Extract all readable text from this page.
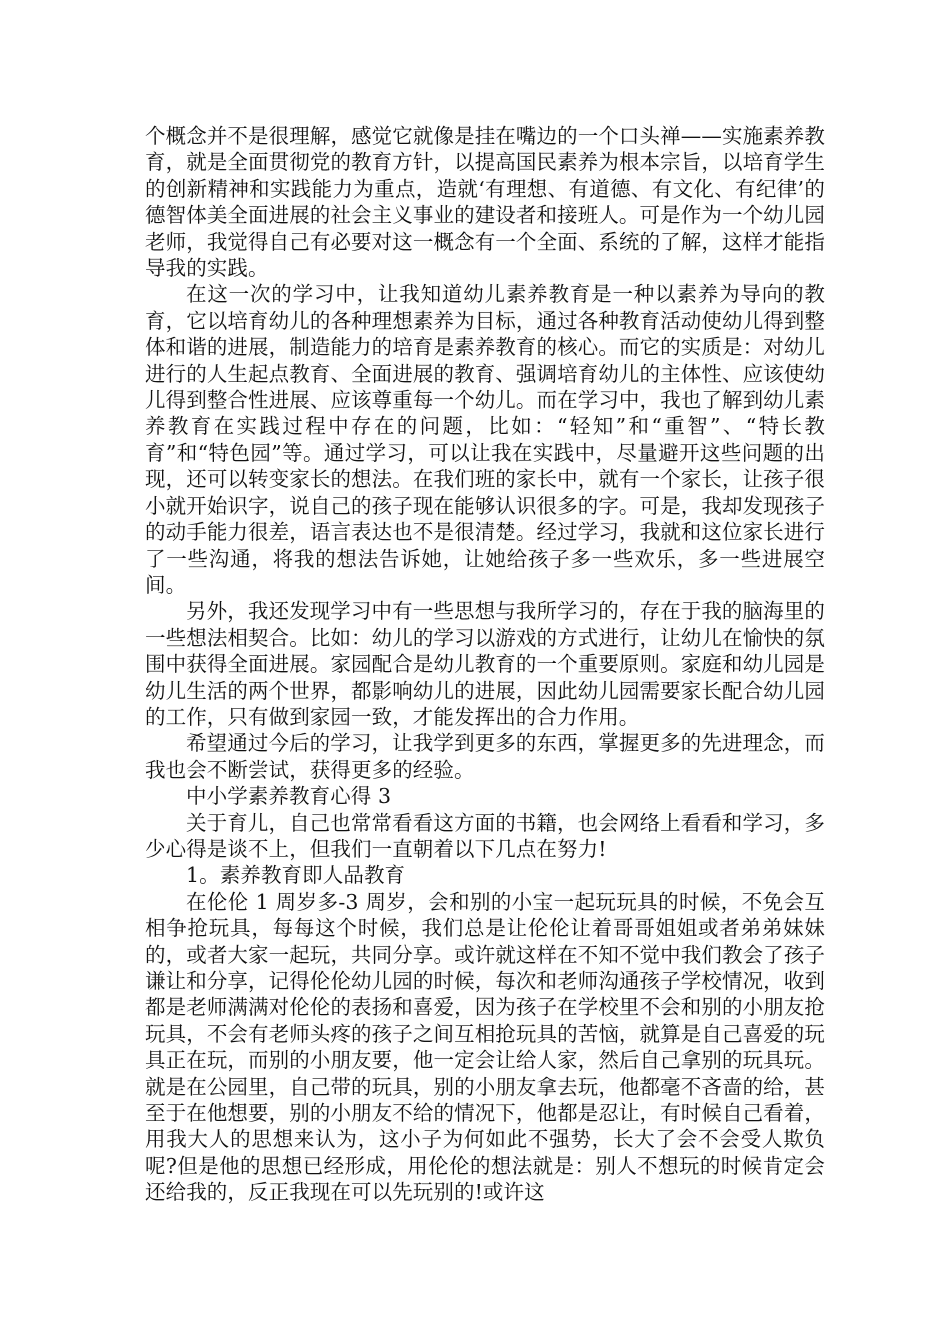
个概念并不是很理解，感觉它就像是挂在嘴边的一个口头禅——实施素养教育，就是全面贯彻党的教育方针，以提高国民素养为根本宗旨，以培育学生的创新精神和实践能力为重点，造就‘有理想、有道德、有文化、有纪律’的德智体美全面进展的社会主义事业的建设者和接班人。可是作为一个幼儿园老师，我觉得自己有必要对这一概念有一个全面、系统的了解，这样才能指导我的实践。

在这一次的学习中，让我知道幼儿素养教育是一种以素养为导向的教育，它以培育幼儿的各种理想素养为目标，通过各种教育活动使幼儿得到整体和谐的进展，制造能力的培育是素养教育的核心。而它的实质是：对幼儿进行的人生起点教育、全面进展的教育、强调培育幼儿的主体性、应该使幼儿得到整合性进展、应该尊重每一个幼儿。而在学习中，我也了解到幼儿素养教育在实践过程中存在的问题，比如：“轻知”和“重智”、“特长教育”和“特色园”等。通过学习，可以让我在实践中，尽量避开这些问题的出现，还可以转变家长的想法。在我们班的家长中，就有一个家长，让孩子很小就开始识字，说自己的孩子现在能够认识很多的字。可是，我却发现孩子的动手能力很差，语言表达也不是很清楚。经过学习，我就和这位家长进行了一些沟通，将我的想法告诉她，让她给孩子多一些欢乐，多一些进展空间。

另外，我还发现学习中有一些思想与我所学习的，存在于我的脑海里的一些想法相契合。比如：幼儿的学习以游戏的方式进行，让幼儿在愉快的氛围中获得全面进展。家园配合是幼儿教育的一个重要原则。家庭和幼儿园是幼儿生活的两个世界，都影响幼儿的进展，因此幼儿园需要家长配合幼儿园的工作，只有做到家园一致，才能发挥出的合力作用。

希望通过今后的学习，让我学到更多的东西，掌握更多的先进理念，而我也会不断尝试，获得更多的经验。

中小学素养教育心得 3

关于育儿，自己也常常看看这方面的书籍，也会网络上看看和学习，多少心得是谈不上，但我们一直朝着以下几点在努力!

1。素养教育即人品教育

在伦伦 1 周岁多-3 周岁，会和别的小宝一起玩玩具的时候，不免会互相争抢玩具，每每这个时候，我们总是让伦伦让着哥哥姐姐或者弟弟妹妹的，或者大家一起玩，共同分享。或许就这样在不知不觉中我们教会了孩子谦让和分享，记得伦伦幼儿园的时候，每次和老师沟通孩子学校情况，收到都是老师满满对伦伦的表扬和喜爱，因为孩子在学校里不会和别的小朋友抢玩具，不会有老师头疼的孩子之间互相抢玩具的苦恼，就算是自己喜爱的玩具正在玩，而别的小朋友要，他一定会让给人家，然后自己拿别的玩具玩。就是在公园里，自己带的玩具，别的小朋友拿去玩，他都毫不吝啬的给，甚至于在他想要，别的小朋友不给的情况下，他都是忍让，有时候自己看着，用我大人的思想来认为，这小子为何如此不强势，长大了会不会受人欺负呢?但是他的思想已经形成，用伦伦的想法就是：别人不想玩的时候肯定会还给我的，反正我现在可以先玩别的!或许这
